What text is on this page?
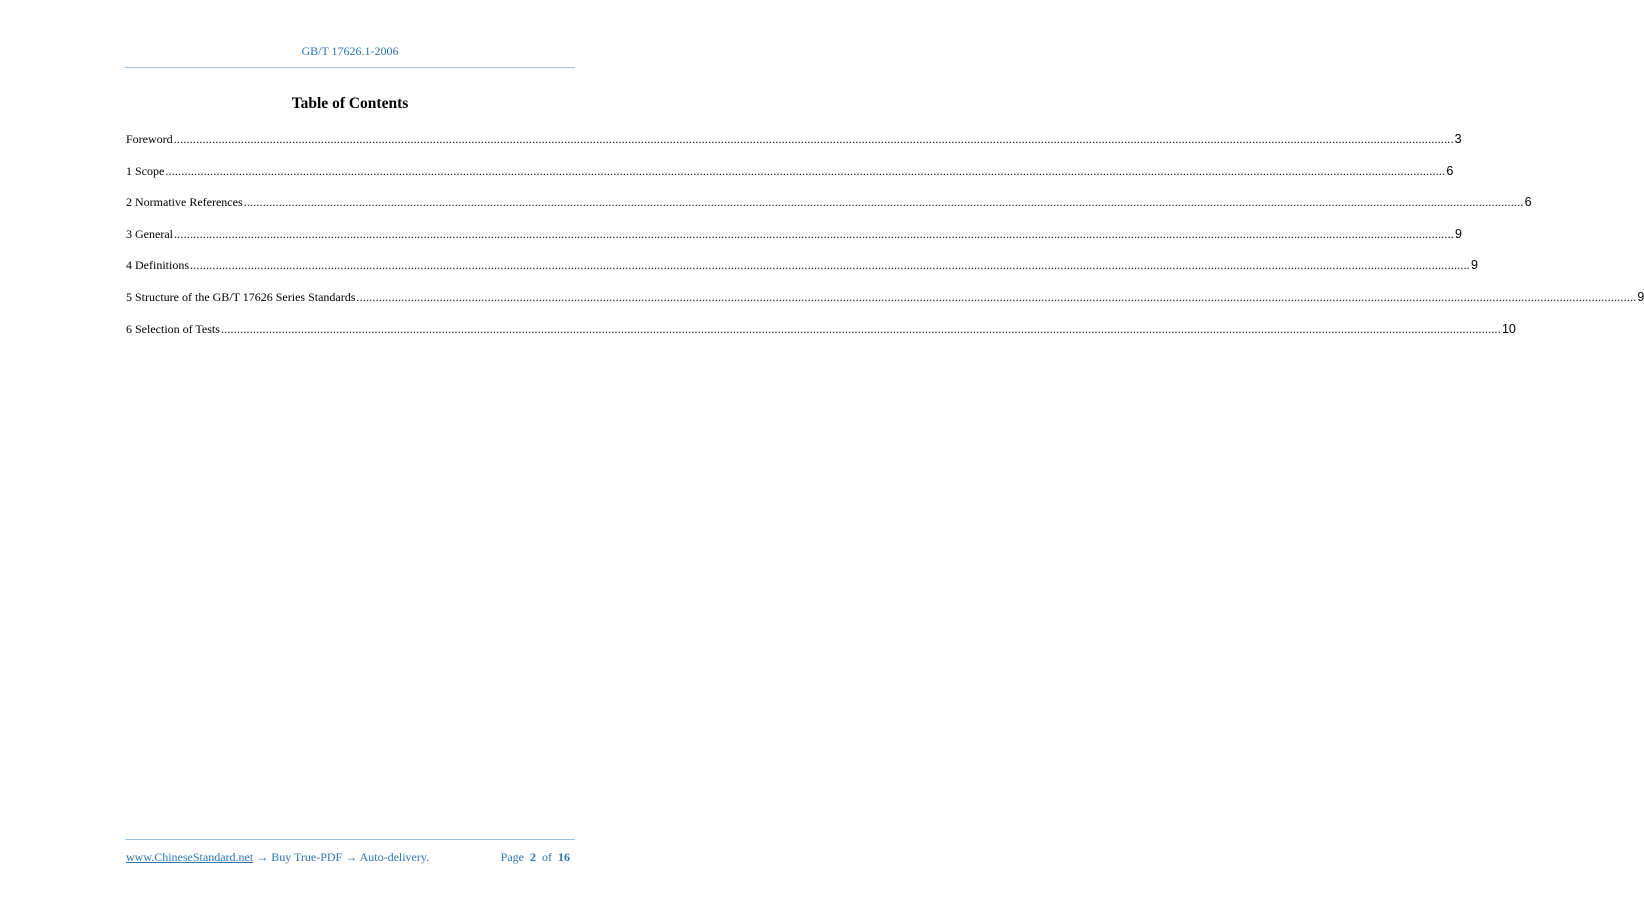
GB/T 17626.1-2006
Table of Contents
Foreword ................................................................................................................................................................................................................................................................................................................................................................................................................ 3
1 Scope ................................................................................................................................................................................................................................................................................................................................................................................................................ 6
2 Normative References ................................................................................................................................................................................................................................................................................................................................................................................................................ 6
3 General ................................................................................................................................................................................................................................................................................................................................................................................................................ 9
4 Definitions ................................................................................................................................................................................................................................................................................................................................................................................................................ 9
5 Structure of the GB/T 17626 Series Standards ................................................................................................................................................................................................................................................................................................................................................................................................................ 9
6 Selection of Tests ................................................................................................................................................................................................................................................................................................................................................................................................................ 10
www.ChineseStandard.net → Buy True-PDF → Auto-delivery.	Page 2 of 16
